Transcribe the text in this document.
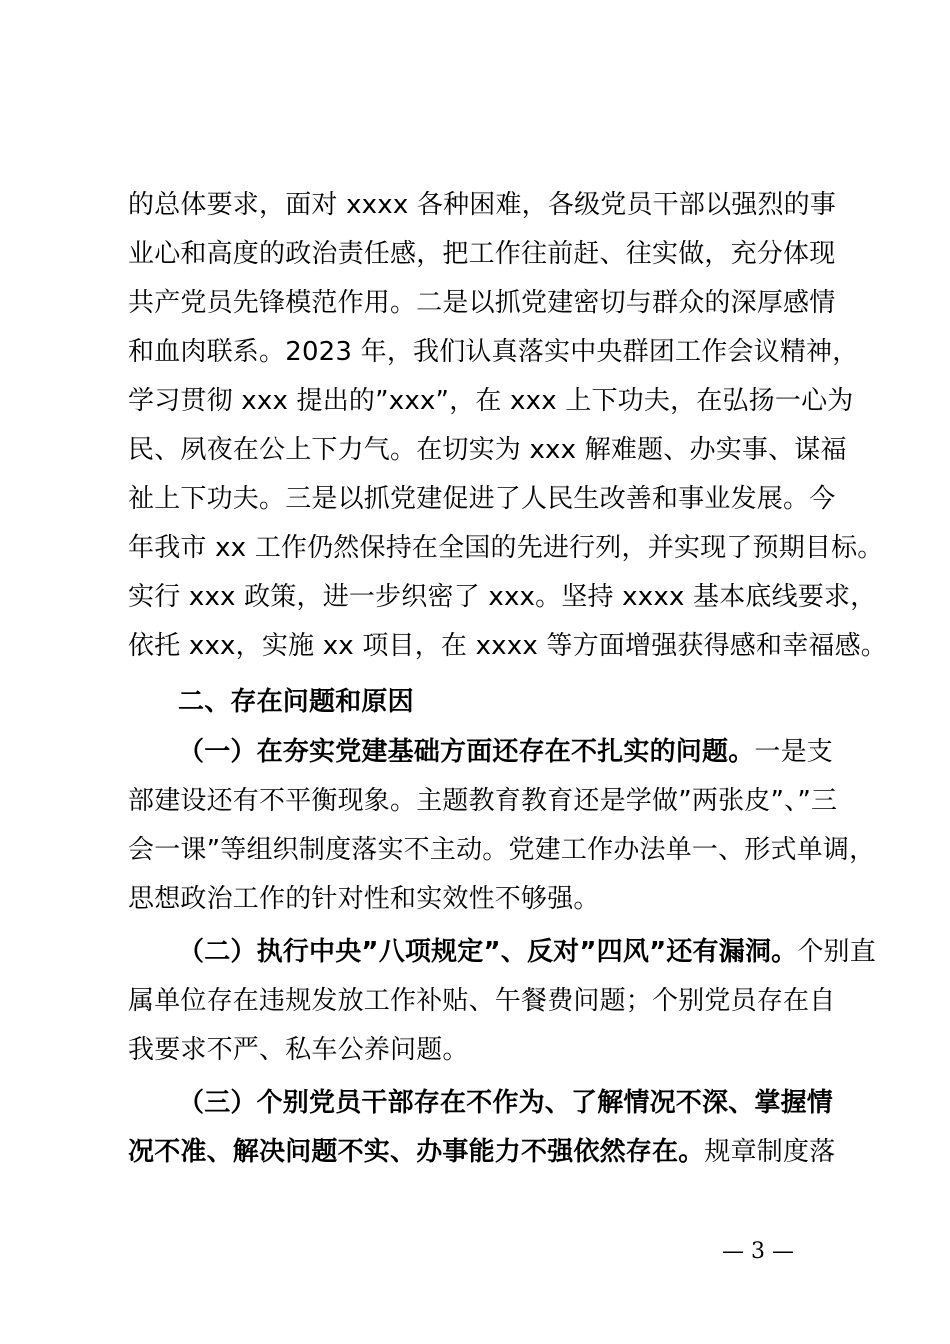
的总体要求，面对 xxxx 各种困难，各级党员干部以强烈的事
业心和高度的政治责任感，把工作往前赶、往实做，充分体现
共产党员先锋模范作用。二是以抓党建密切与群众的深厚感情
和血肉联系。2023 年，我们认真落实中央群团工作会议精神，
学习贯彻 xxx 提出的”xxx”，在 xxx 上下功夫，在弘扬一心为
民、夙夜在公上下力气。在切实为 xxx 解难题、办实事、谋福
祉上下功夫。三是以抓党建促进了人民生改善和事业发展。今
年我市 xx 工作仍然保持在全国的先进行列，并实现了预期目标。
实行 xxx 政策，进一步织密了 xxx。坚持 xxxx 基本底线要求，
依托 xxx，实施 xx 项目，在 xxxx 等方面增强获得感和幸福感。
二、存在问题和原因
（一）在夯实党建基础方面还存在不扎实的问题。一是支
部建设还有不平衡现象。主题教育教育还是学做”两张皮”、”三
会一课”等组织制度落实不主动。党建工作办法单一、形式单调，
思想政治工作的针对性和实效性不够强。
（二）执行中央”八项规定”、反对”四风”还有漏洞。个别直
属单位存在违规发放工作补贴、午餐费问题；个别党员存在自
我要求不严、私车公养问题。
（三）个别党员干部存在不作为、了解情况不深、掌握情
况不准、解决问题不实、办事能力不强依然存在。规章制度落
— 3 —
